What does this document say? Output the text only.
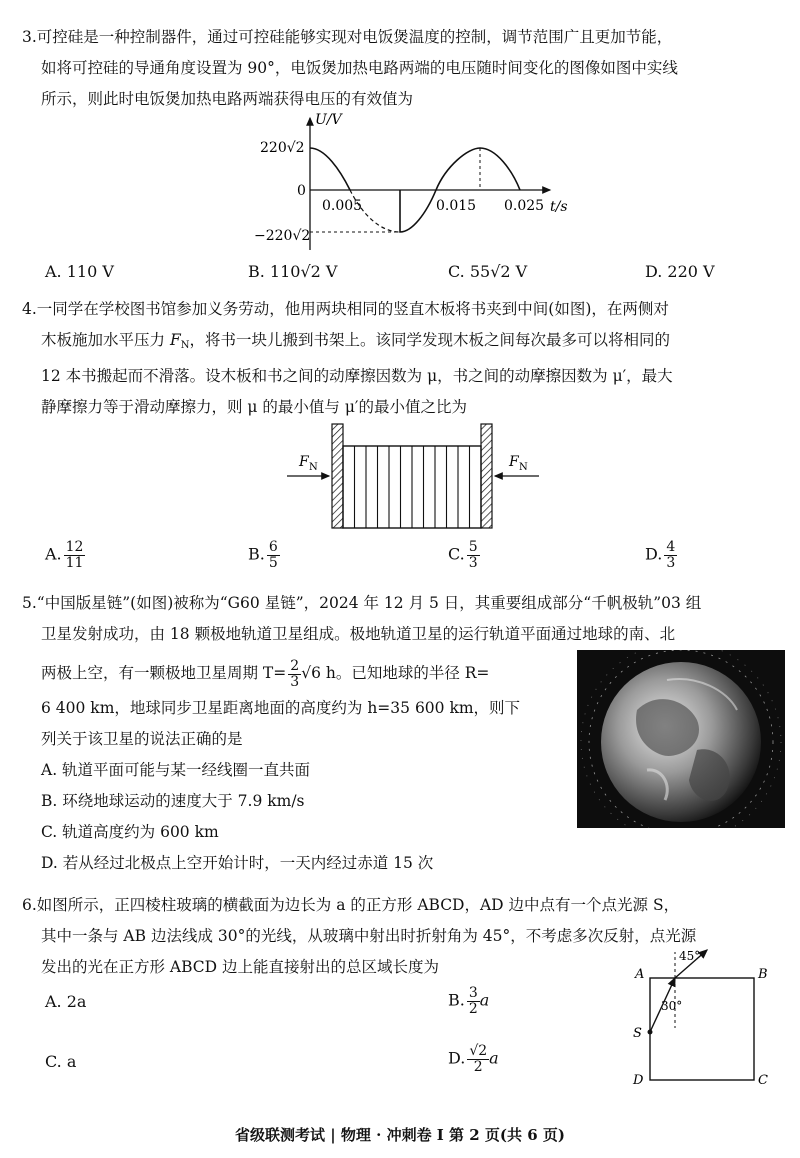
3.可控硅是一种控制器件，通过可控硅能够实现对电饭煲温度的控制，调节范围广且更加节能，

如将可控硅的导通角度设置为 90°，电饭煲加热电路两端的电压随时间变化的图像如图中实线

所示，则此时电饭煲加热电路两端获得电压的有效值为

U/V
t/s
220√2
−220√2
0
0.005	0.015 0.025
A. 110 V	B. 110√2 V	C. 55√2 V	D. 220 V

4.一同学在学校图书馆参加义务劳动，他用两块相同的竖直木板将书夹到中间(如图)，在两侧对

木板施加水平压力 $F_N$，将书一块儿搬到书架上。该同学发现木板之间每次最多可以将相同的

12 本书搬起而不滑落。设木板和书之间的动摩擦因数为 μ，书之间的动摩擦因数为 μ′，最大

静摩擦力等于滑动摩擦力，则 μ 的最小值与 μ′的最小值之比为

F N	F N
A. $\frac{12}{11}$	B. $\frac{6}{5}$	C. $\frac{5}{3}$	D. $\frac{4}{3}$

5.“中国版星链”(如图)被称为“G60 星链”，2024 年 12 月 5 日，其重要组成部分“千帆极轨”03 组

卫星发射成功，由 18 颗极地轨道卫星组成。极地轨道卫星的运行轨道平面通过地球的南、北

两极上空，有一颗极地卫星周期 $T= \frac{2}{3} √6$ h。已知地球的半径 R=

6 400 km，地球同步卫星距离地面的高度约为 h=35 600 km，则下

列关于该卫星的说法正确的是

A. 轨道平面可能与某一经线圈一直共面

B. 环绕地球运动的速度大于 7.9 km/s

C. 轨道高度约为 600 km

D. 若从经过北极点上空开始计时，一天内经过赤道 15 次

6.如图所示，正四棱柱玻璃的横截面为边长为 a 的正方形 ABCD，AD 边中点有一个点光源 S，

其中一条与 AB 边法线成 30°的光线，从玻璃中射出时折射角为 45°，不考虑多次反射，点光源

发出的光在正方形 ABCD 边上能直接射出的总区域长度为

A. 2a	B. $\frac{3}{2}$ a
C. a	D. $\frac{√2}{2}$ a
A	B
C
D
S
45°
30°
省级联测考试 | 物理 · 冲刺卷 Ⅰ 第 2 页(共 6 页)
